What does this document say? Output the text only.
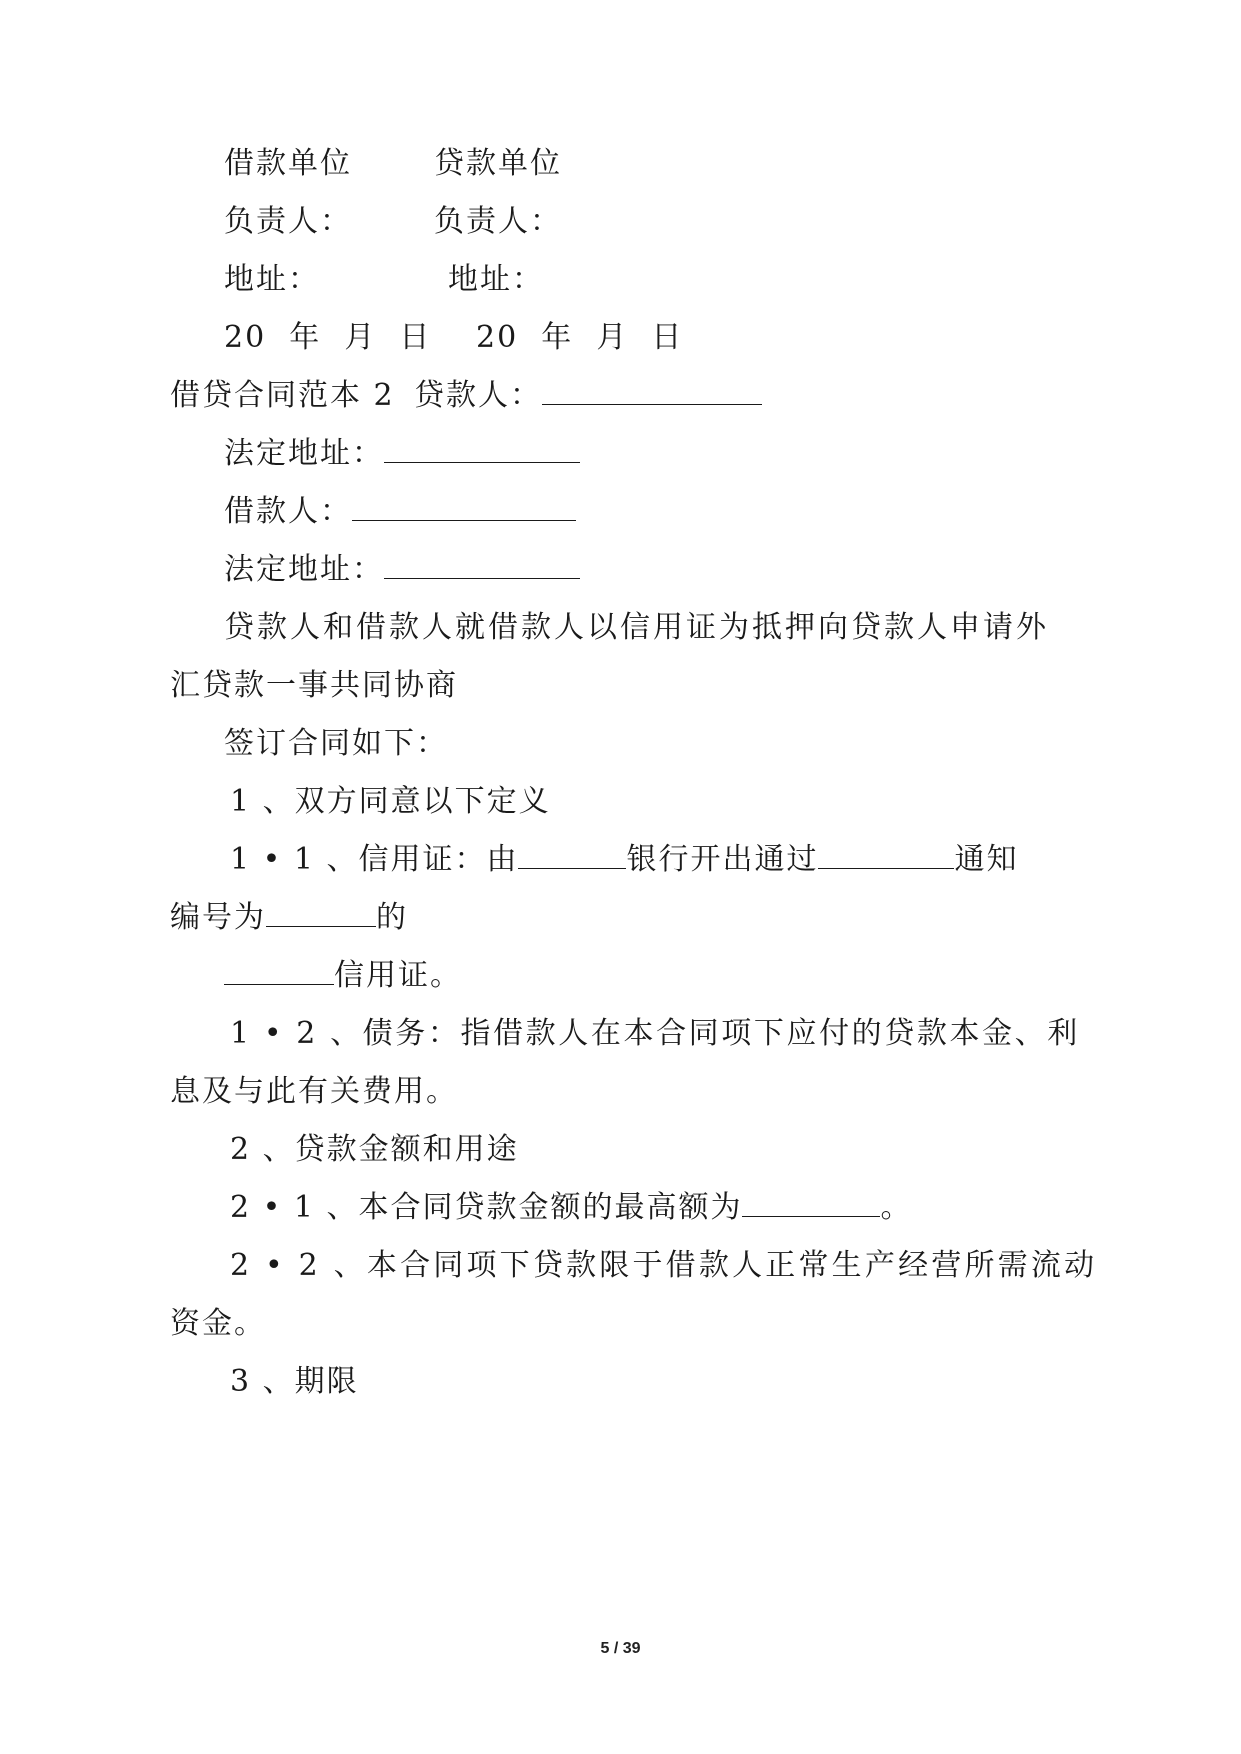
借款单位	贷款单位
负责人：	负责人：
地址：	地址：
20  年  月  日 20  年  月  日
借贷合同范本 2 贷款人：
法定地址：
借款人：
法定地址：
贷款人和借款人就借款人以信用证为抵押向贷款人申请外
汇贷款一事共同协商
签订合同如下：
1 、双方同意以下定义
1 • 1 、信用证：由	银行开出通过	通知
编号为	的
信用证。
1 • 2 、债务：指借款人在本合同项下应付的贷款本金、利
息及与此有关费用。
2 、贷款金额和用途
2 • 1 、本合同贷款金额的最高额为	。
2 • 2 、本合同项下贷款限于借款人正常生产经营所需流动
资金。
3 、期限
5 / 39
